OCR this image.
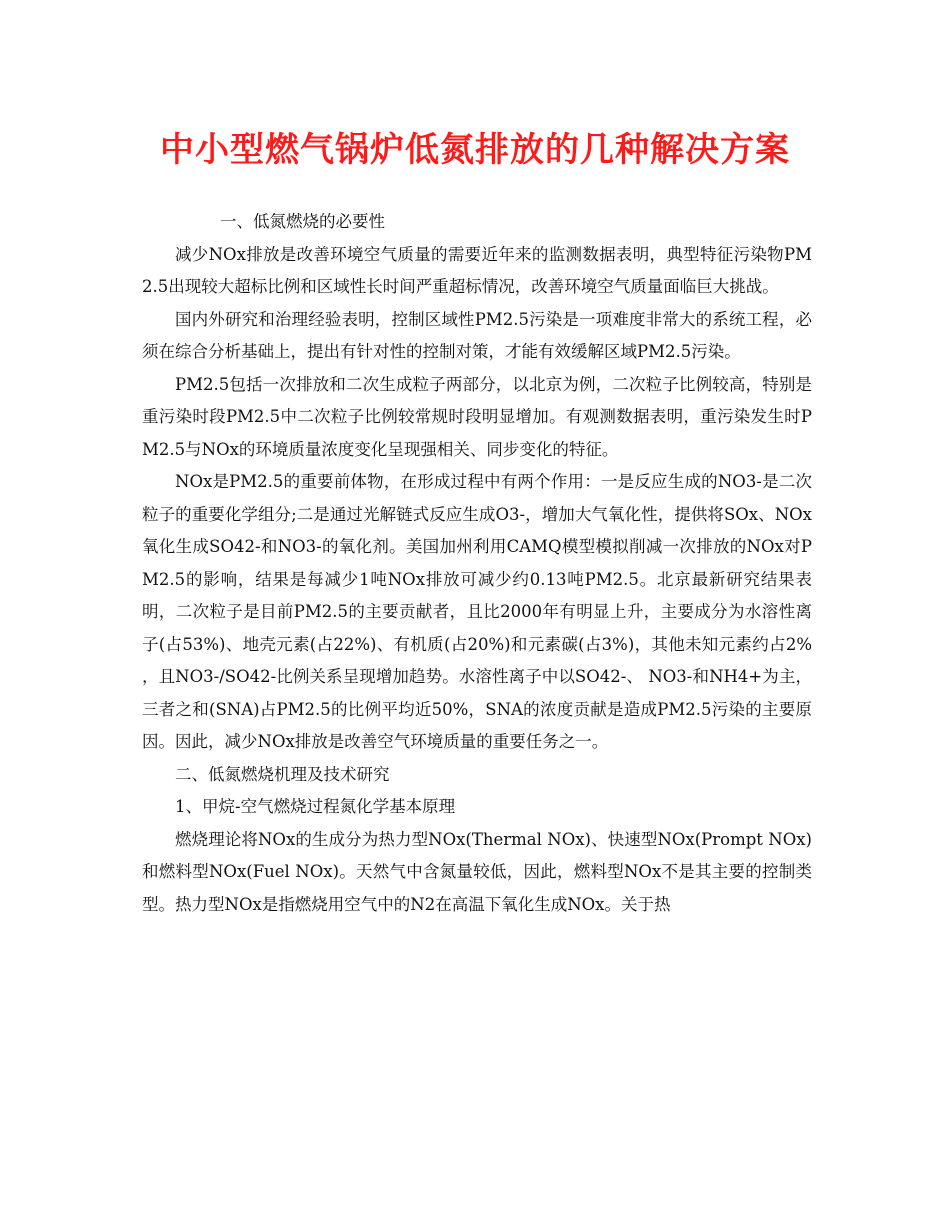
中小型燃气锅炉低氮排放的几种解决方案

一、低氮燃烧的必要性

减少NOx排放是改善环境空气质量的需要近年来的监测数据表明，典型特征污染物PM2.5出现较大超标比例和区域性长时间严重超标情况，改善环境空气质量面临巨大挑战。

国内外研究和治理经验表明，控制区域性PM2.5污染是一项难度非常大的系统工程，必须在综合分析基础上，提出有针对性的控制对策，才能有效缓解区域PM2.5污染。

PM2.5包括一次排放和二次生成粒子两部分，以北京为例，二次粒子比例较高，特别是重污染时段PM2.5中二次粒子比例较常规时段明显增加。有观测数据表明，重污染发生时PM2.5与NOx的环境质量浓度变化呈现强相关、同步变化的特征。

NOx是PM2.5的重要前体物，在形成过程中有两个作用：一是反应生成的NO3-是二次粒子的重要化学组分;二是通过光解链式反应生成O3-，增加大气氧化性，提供将SOx、NOx氧化生成SO42-和NO3-的氧化剂。美国加州利用CAMQ模型模拟削减一次排放的NOx对PM2.5的影响，结果是每减少1吨NOx排放可减少约0.13吨PM2.5。北京最新研究结果表明，二次粒子是目前PM2.5的主要贡献者，且比2000年有明显上升，主要成分为水溶性离子(占53%)、地壳元素(占22%)、有机质(占20%)和元素碳(占3%)，其他未知元素约占2% ，且NO3-/SO42-比例关系呈现增加趋势。水溶性离子中以SO42-、 NO3-和NH4+为主，三者之和(SNA)占PM2.5的比例平均近50%，SNA的浓度贡献是造成PM2.5污染的主要原因。因此，减少NOx排放是改善空气环境质量的重要任务之一。

二、低氮燃烧机理及技术研究

1、甲烷-空气燃烧过程氮化学基本原理

燃烧理论将NOx的生成分为热力型NOx(Thermal NOx)、快速型NOx(Prompt NOx)和燃料型NOx(Fuel NOx)。天然气中含氮量较低，因此，燃料型NOx不是其主要的控制类型。热力型NOx是指燃烧用空气中的N2在高温下氧化生成NOx。关于热
